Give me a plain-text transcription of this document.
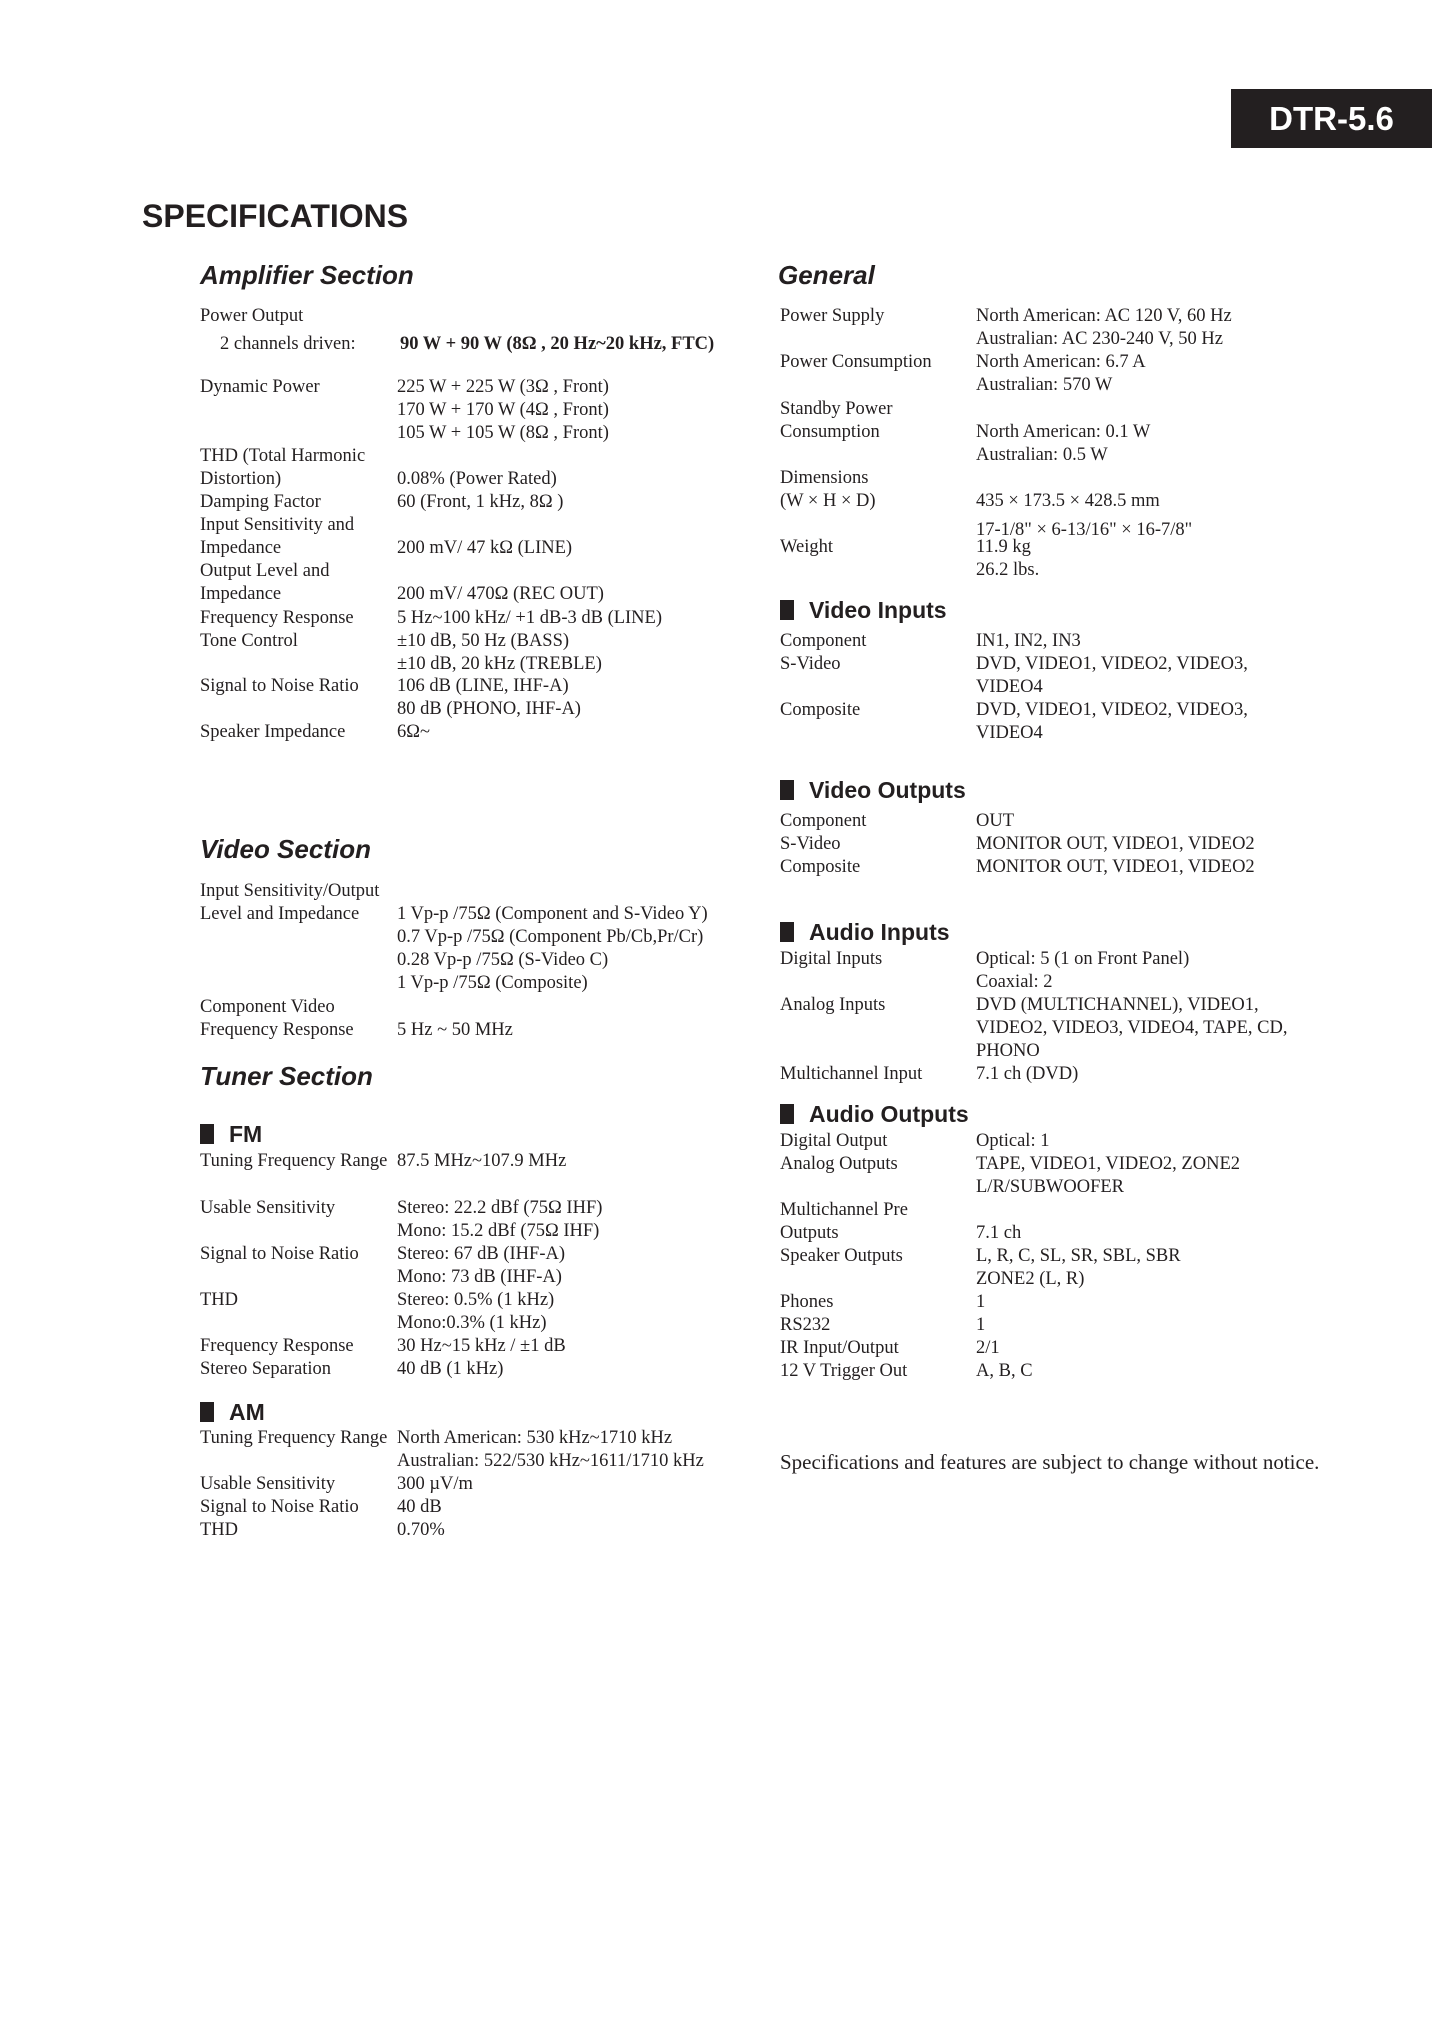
DTR-5.6
SPECIFICATIONS
Amplifier Section
Power Output
2 channels driven: 90 W + 90 W (8Ω , 20 Hz~20 kHz, FTC)
Dynamic Power	225 W + 225 W (3Ω , Front)
170 W + 170 W (4Ω , Front)
105 W + 105 W (8Ω , Front)
THD (Total Harmonic
Distortion)	0.08% (Power Rated)
Damping Factor	60 (Front, 1 kHz, 8Ω )
Input Sensitivity and
Impedance	200 mV/ 47 kΩ (LINE)
Output Level and
Impedance	200 mV/ 470Ω (REC OUT)
Frequency Response 5 Hz~100 kHz/ +1 dB-3 dB (LINE)
Tone Control	±10 dB, 50 Hz (BASS)
±10 dB, 20 kHz (TREBLE)
Signal to Noise Ratio 106 dB (LINE, IHF-A)
80 dB (PHONO, IHF-A)
Speaker Impedance	6Ω~
Video Section
Input Sensitivity/Output
Level and Impedance 1 Vp-p /75Ω (Component and S-Video Y)
0.7 Vp-p /75Ω (Component Pb/Cb,Pr/Cr)
0.28 Vp-p /75Ω (S-Video C)
1 Vp-p /75Ω (Composite)
Component Video
Frequency Response 5 Hz ~ 50 MHz
Tuner Section
FM
Tuning Frequency Range 87.5 MHz~107.9 MHz
Usable Sensitivity	Stereo: 22.2 dBf (75Ω IHF)
Mono: 15.2 dBf (75Ω IHF)
Signal to Noise Ratio Stereo: 67 dB (IHF-A)
Mono: 73 dB (IHF-A)
THD	Stereo: 0.5% (1 kHz)
Mono:0.3% (1 kHz)
Frequency Response 30 Hz~15 kHz / ±1 dB
Stereo Separation	40 dB (1 kHz)
AM
Tuning Frequency Range North American: 530 kHz~1710 kHz
Australian: 522/530 kHz~1611/1710 kHz
Usable Sensitivity	300 µV/m
Signal to Noise Ratio 40 dB
THD	0.70%
General
Power Supply	North American: AC 120 V, 60 Hz
Australian: AC 230-240 V, 50 Hz
Power Consumption North American: 6.7 A
Australian: 570 W
Standby Power
Consumption	North American: 0.1 W
Australian: 0.5 W
Dimensions
(W × H × D)	435 × 173.5 × 428.5 mm
17-1/8" × 6-13/16" × 16-7/8"
Weight	11.9 kg
26.2 lbs.
Video Inputs
Component	IN1, IN2, IN3
S-Video	DVD, VIDEO1, VIDEO2, VIDEO3,
VIDEO4
Composite	DVD, VIDEO1, VIDEO2, VIDEO3,
VIDEO4
Video Outputs
Component	OUT
S-Video	MONITOR OUT, VIDEO1, VIDEO2
Composite	MONITOR OUT, VIDEO1, VIDEO2
Audio Inputs
Digital Inputs	Optical: 5 (1 on Front Panel)
Coaxial: 2
Analog Inputs	DVD (MULTICHANNEL), VIDEO1,
VIDEO2, VIDEO3, VIDEO4, TAPE, CD,
PHONO
Multichannel Input	7.1 ch (DVD)
Audio Outputs
Digital Output	Optical: 1
Analog Outputs	TAPE, VIDEO1, VIDEO2, ZONE2
L/R/SUBWOOFER
Multichannel Pre
Outputs	7.1 ch
Speaker Outputs	L, R, C, SL, SR, SBL, SBR
ZONE2 (L, R)
Phones	1
RS232	1
IR Input/Output	2/1
12 V Trigger Out	A, B, C
Specifications and features are subject to change without notice.
